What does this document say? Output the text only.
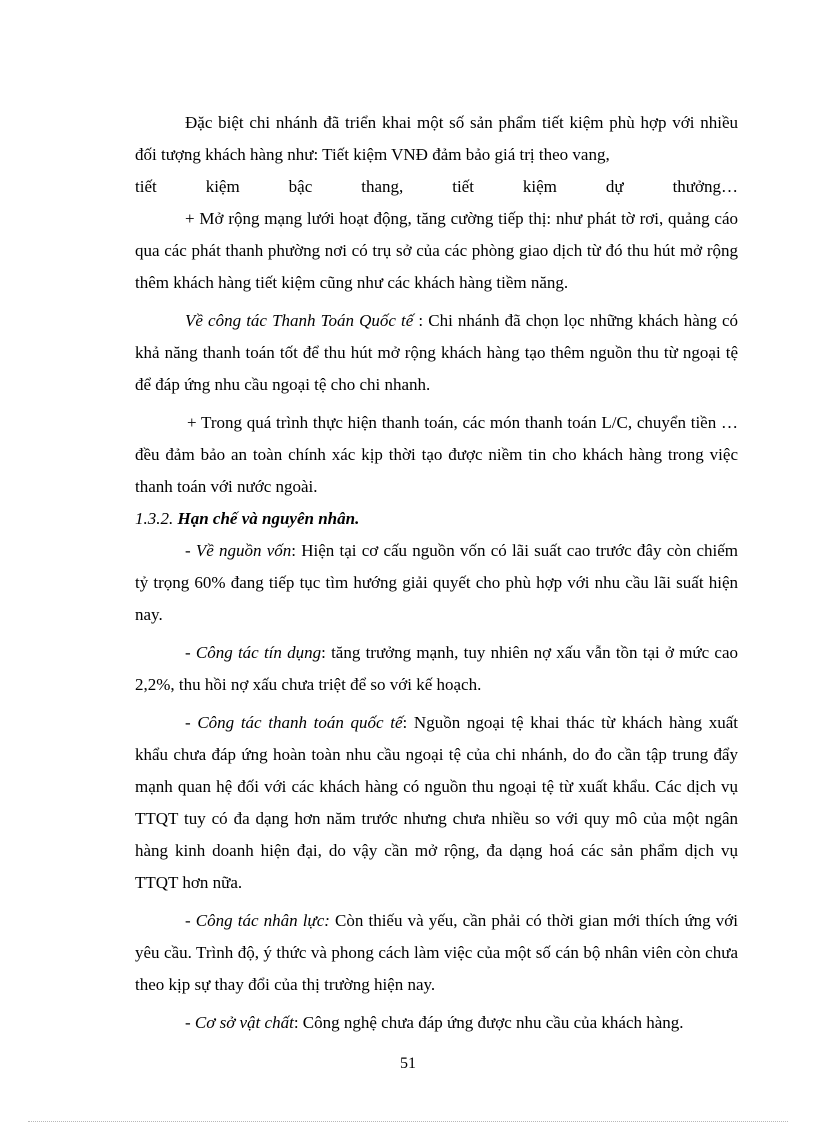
Đặc biệt chi nhánh đã triển khai một số sản phẩm tiết kiệm phù hợp với nhiều đối tượng khách hàng như: Tiết kiệm VNĐ đảm bảo giá trị theo vang,

tiết kiệm bậc thang, tiết kiệm dự thưởng…

+ Mở rộng mạng lưới hoạt động, tăng cường tiếp thị: như phát tờ rơi, quảng cáo qua các phát thanh phường nơi có trụ sở của các phòng giao dịch từ đó thu hút mở rộng thêm khách hàng tiết kiệm cũng như các khách hàng tiềm năng.

Về công tác Thanh Toán Quốc tế : Chi nhánh đã chọn lọc những khách hàng có khả năng thanh toán tốt để thu hút mở rộng khách hàng tạo thêm nguồn thu từ ngoại tệ để đáp ứng nhu cầu ngoại tệ cho chi nhanh.

+ Trong quá trình thực hiện thanh toán, các món thanh toán L/C, chuyển tiền … đều đảm bảo an toàn chính xác kịp thời tạo được niềm tin cho khách hàng trong việc thanh toán với nước ngoài.

1.3.2. Hạn chế và nguyên nhân.

- Về nguồn vốn: Hiện tại cơ cấu nguồn vốn có lãi suất cao trước đây còn chiếm tỷ trọng 60% đang tiếp tục tìm hướng giải quyết cho phù hợp với nhu cầu lãi suất hiện nay.

- Công tác tín dụng: tăng trưởng mạnh, tuy nhiên nợ xấu vẫn tồn tại ở mức cao 2,2%, thu hồi nợ xấu chưa triệt để so với kế hoạch.

- Công tác thanh toán quốc tế: Nguồn ngoại tệ khai thác từ khách hàng xuất khẩu chưa đáp ứng hoàn toàn nhu cầu ngoại tệ của chi nhánh, do đo cần tập trung đẩy mạnh quan hệ đối với các khách hàng có nguồn thu ngoại tệ từ xuất khẩu. Các dịch vụ TTQT tuy có đa dạng hơn năm trước nhưng chưa nhiều so với quy mô của một ngân hàng kinh doanh hiện đại, do vậy cần mở rộng, đa dạng hoá các sản phẩm dịch vụ TTQT hơn nữa.

- Công tác nhân lực: Còn thiếu và yếu, cần phải có thời gian mới thích ứng với yêu cầu. Trình độ, ý thức và phong cách làm việc của một số cán bộ nhân viên còn chưa theo kịp sự thay đổi của thị trường hiện nay.

- Cơ sở vật chất: Công nghệ chưa đáp ứng được nhu cầu của khách hàng.

51
